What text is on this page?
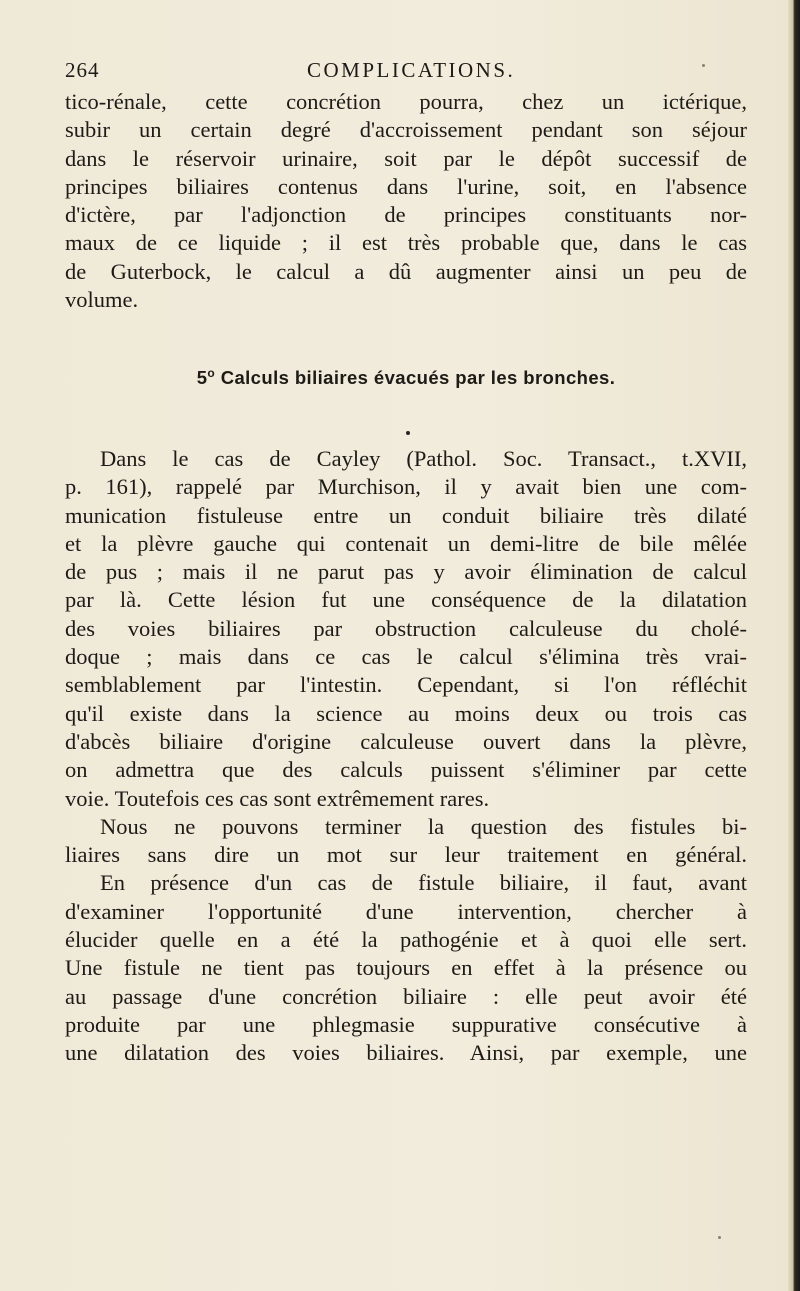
264	COMPLICATIONS.
tico-rénale, cette concrétion pourra, chez un ictérique,
subir un certain degré d'accroissement pendant son séjour
dans le réservoir urinaire, soit par le dépôt successif de
principes biliaires contenus dans l'urine, soit, en l'absence
d'ictère, par l'adjonction de principes constituants nor-
maux de ce liquide ; il est très probable que, dans le cas
de Guterbock, le calcul a dû augmenter ainsi un peu de
volume.
5$^o$ Calculs biliaires évacués par les bronches.
Dans le cas de Cayley (Pathol. Soc. Transact., t.XVII,
p. 161), rappelé par Murchison, il y avait bien une com-
munication fistuleuse entre un conduit biliaire très dilaté
et la plèvre gauche qui contenait un demi-litre de bile mêlée
de pus ; mais il ne parut pas y avoir élimination de calcul
par là. Cette lésion fut une conséquence de la dilatation
des voies biliaires par obstruction calculeuse du cholé-
doque ; mais dans ce cas le calcul s'élimina très vrai-
semblablement par l'intestin. Cependant, si l'on réfléchit
qu'il existe dans la science au moins deux ou trois cas
d'abcès biliaire d'origine calculeuse ouvert dans la plèvre,
on admettra que des calculs puissent s'éliminer par cette
voie. Toutefois ces cas sont extrêmement rares.
Nous ne pouvons terminer la question des fistules bi-
liaires sans dire un mot sur leur traitement en général.
En présence d'un cas de fistule biliaire, il faut, avant
d'examiner l'opportunité d'une intervention, chercher à
élucider quelle en a été la pathogénie et à quoi elle sert.
Une fistule ne tient pas toujours en effet à la présence ou
au passage d'une concrétion biliaire : elle peut avoir été
produite par une phlegmasie suppurative consécutive à
une dilatation des voies biliaires. Ainsi, par exemple, une
